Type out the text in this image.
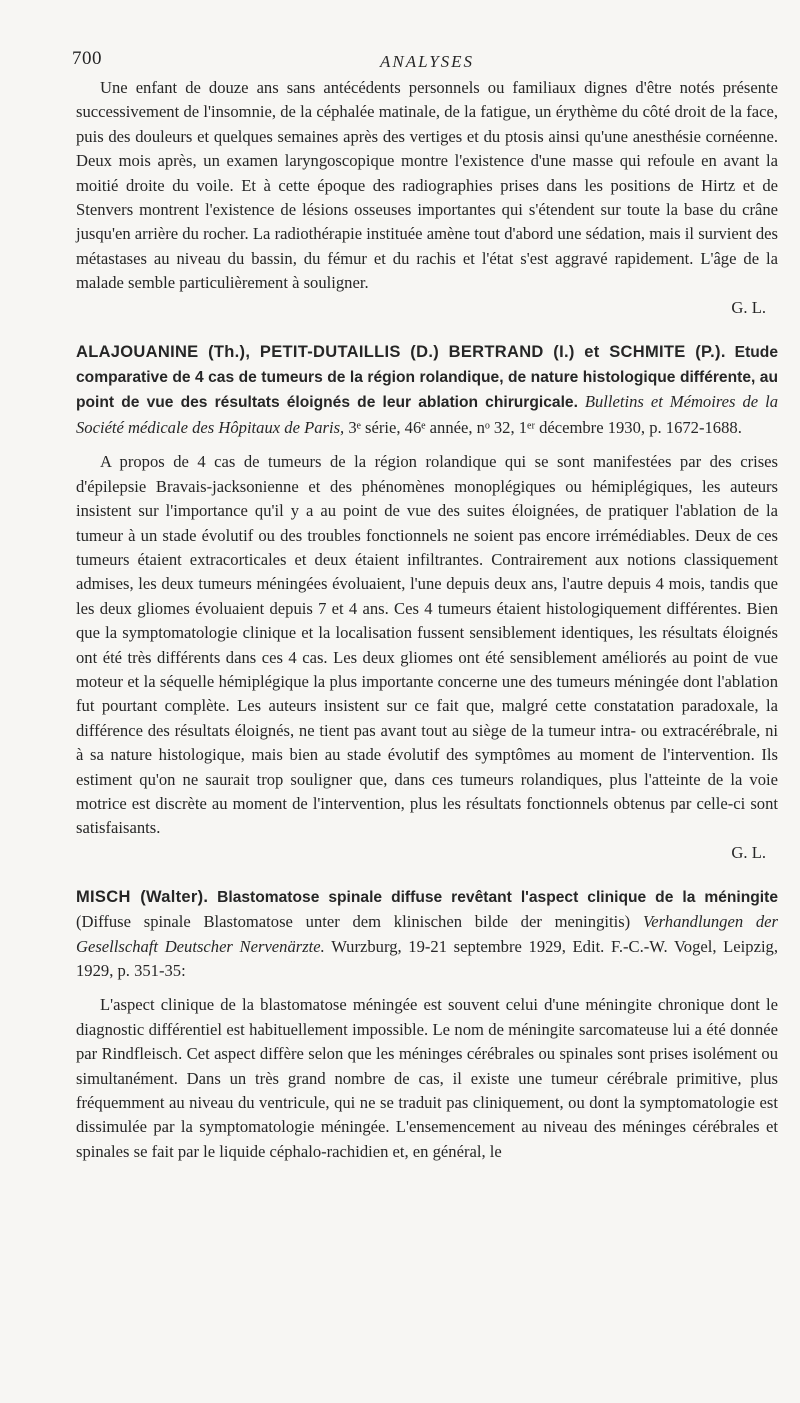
700	ANALYSES

Une enfant de douze ans sans antécédents personnels ou familiaux dignes d'être notés présente successivement de l'insomnie, de la céphalée matinale, de la fatigue, un érythème du côté droit de la face, puis des douleurs et quelques semaines après des vertiges et du ptosis ainsi qu'une anesthésie cornéenne. Deux mois après, un examen laryngoscopique montre l'existence d'une masse qui refoule en avant la moitié droite du voile. Et à cette époque des radiographies prises dans les positions de Hirtz et de Stenvers montrent l'existence de lésions osseuses importantes qui s'étendent sur toute la base du crâne jusqu'en arrière du rocher. La radiothérapie instituée amène tout d'abord une sédation, mais il survient des métastases au niveau du bassin, du fémur et du rachis et l'état s'est aggravé rapidement. L'âge de la malade semble particulièrement à souligner.

G. L.

ALAJOUANINE (Th.), PETIT-DUTAILLIS (D.) BERTRAND (I.) et SCHMITE (P.). Etude comparative de 4 cas de tumeurs de la région rolandique, de nature histologique différente, au point de vue des résultats éloignés de leur ablation chirurgicale. Bulletins et Mémoires de la Société médicale des Hôpitaux de Paris, 3ᵉ série, 46ᵉ année, nᵒ 32, 1ᵉʳ décembre 1930, p. 1672-1688.

A propos de 4 cas de tumeurs de la région rolandique qui se sont manifestées par des crises d'épilepsie Bravais-jacksonienne et des phénomènes monoplégiques ou hémiplégiques, les auteurs insistent sur l'importance qu'il y a au point de vue des suites éloignées, de pratiquer l'ablation de la tumeur à un stade évolutif ou des troubles fonctionnels ne soient pas encore irrémédiables. Deux de ces tumeurs étaient extracorticales et deux étaient infiltrantes. Contrairement aux notions classiquement admises, les deux tumeurs méningées évoluaient, l'une depuis deux ans, l'autre depuis 4 mois, tandis que les deux gliomes évoluaient depuis 7 et 4 ans. Ces 4 tumeurs étaient histologiquement différentes. Bien que la symptomatologie clinique et la localisation fussent sensiblement identiques, les résultats éloignés ont été très différents dans ces 4 cas. Les deux gliomes ont été sensiblement améliorés au point de vue moteur et la séquelle hémiplégique la plus importante concerne une des tumeurs méningée dont l'ablation fut pourtant complète. Les auteurs insistent sur ce fait que, malgré cette constatation paradoxale, la différence des résultats éloignés, ne tient pas avant tout au siège de la tumeur intra- ou extracérébrale, ni à sa nature histologique, mais bien au stade évolutif des symptômes au moment de l'intervention. Ils estiment qu'on ne saurait trop souligner que, dans ces tumeurs rolandiques, plus l'atteinte de la voie motrice est discrète au moment de l'intervention, plus les résultats fonctionnels obtenus par celle-ci sont satisfaisants.

G. L.

MISCH (Walter). Blastomatose spinale diffuse revêtant l'aspect clinique de la méningite (Diffuse spinale Blastomatose unter dem klinischen bilde der meningitis) Verhandlungen der Gesellschaft Deutscher Nervenärzte. Wurzburg, 19-21 septembre 1929, Edit. F.-C.-W. Vogel, Leipzig, 1929, p. 351-35:

L'aspect clinique de la blastomatose méningée est souvent celui d'une méningite chronique dont le diagnostic différentiel est habituellement impossible. Le nom de méningite sarcomateuse lui a été donnée par Rindfleisch. Cet aspect diffère selon que les méninges cérébrales ou spinales sont prises isolément ou simultanément. Dans un très grand nombre de cas, il existe une tumeur cérébrale primitive, plus fréquemment au niveau du ventricule, qui ne se traduit pas cliniquement, ou dont la symptomatologie est dissimulée par la symptomatologie méningée. L'ensemencement au niveau des méninges cérébrales et spinales se fait par le liquide céphalo-rachidien et, en général, le
